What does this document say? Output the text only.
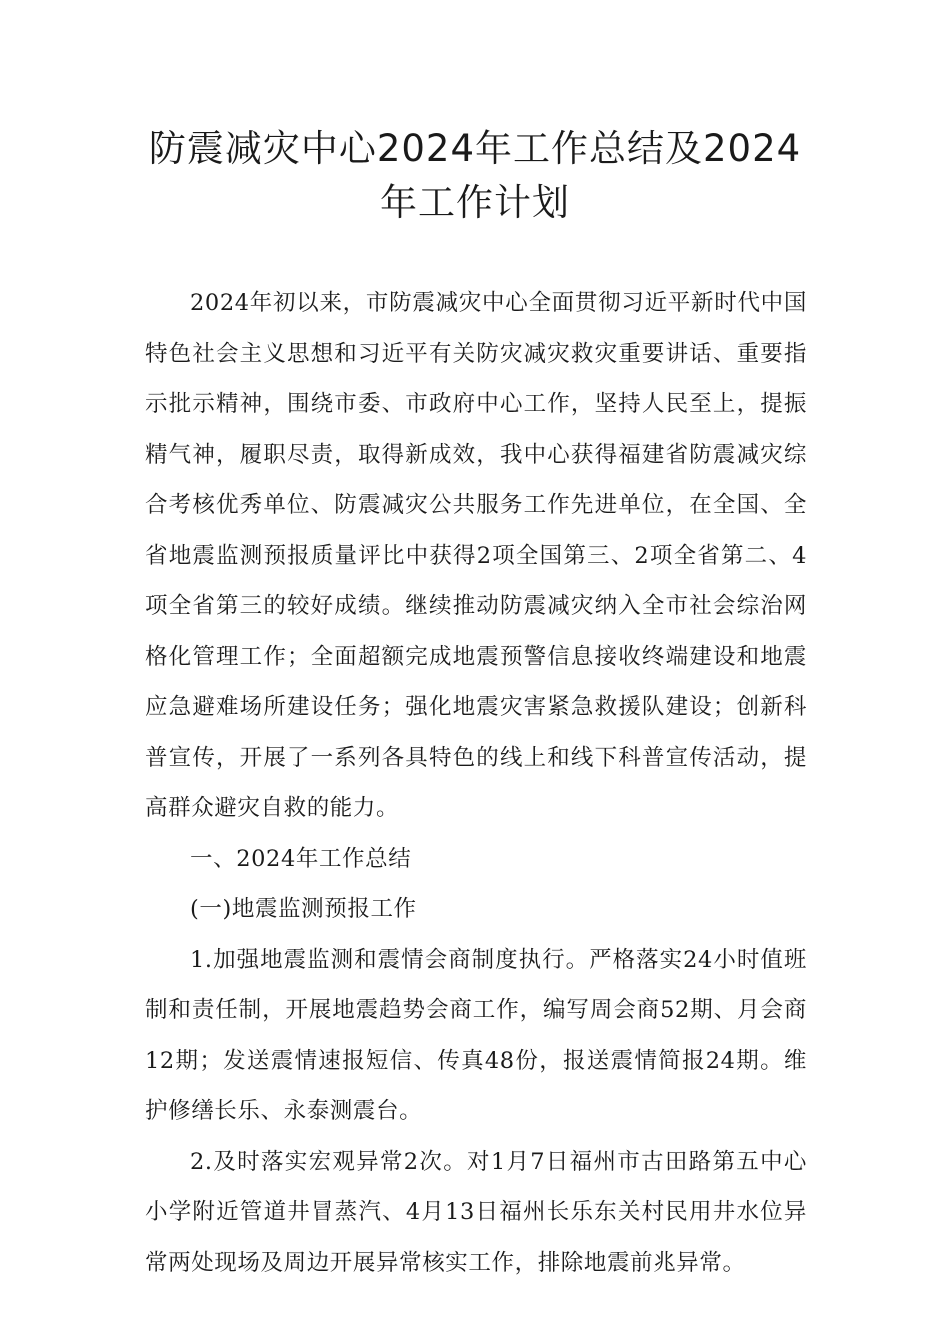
防震减灾中心2024年工作总结及2024
年工作计划

2024年初以来，市防震减灾中心全面贯彻习近平新时代中国特色社会主义思想和习近平有关防灾减灾救灾重要讲话、重要指示批示精神，围绕市委、市政府中心工作，坚持人民至上，提振精气神，履职尽责，取得新成效，我中心获得福建省防震减灾综合考核优秀单位、防震减灾公共服务工作先进单位，在全国、全省地震监测预报质量评比中获得2项全国第三、2项全省第二、4项全省第三的较好成绩。继续推动防震减灾纳入全市社会综治网格化管理工作；全面超额完成地震预警信息接收终端建设和地震应急避难场所建设任务；强化地震灾害紧急救援队建设；创新科普宣传，开展了一系列各具特色的线上和线下科普宣传活动，提高群众避灾自救的能力。

一、2024年工作总结

(一)地震监测预报工作

1.加强地震监测和震情会商制度执行。严格落实24小时值班制和责任制，开展地震趋势会商工作，编写周会商52期、月会商12期；发送震情速报短信、传真48份，报送震情简报24期。维护修缮长乐、永泰测震台。

2.及时落实宏观异常2次。对1月7日福州市古田路第五中心小学附近管道井冒蒸汽、4月13日福州长乐东关村民用井水位异常两处现场及周边开展异常核实工作，排除地震前兆异常。
